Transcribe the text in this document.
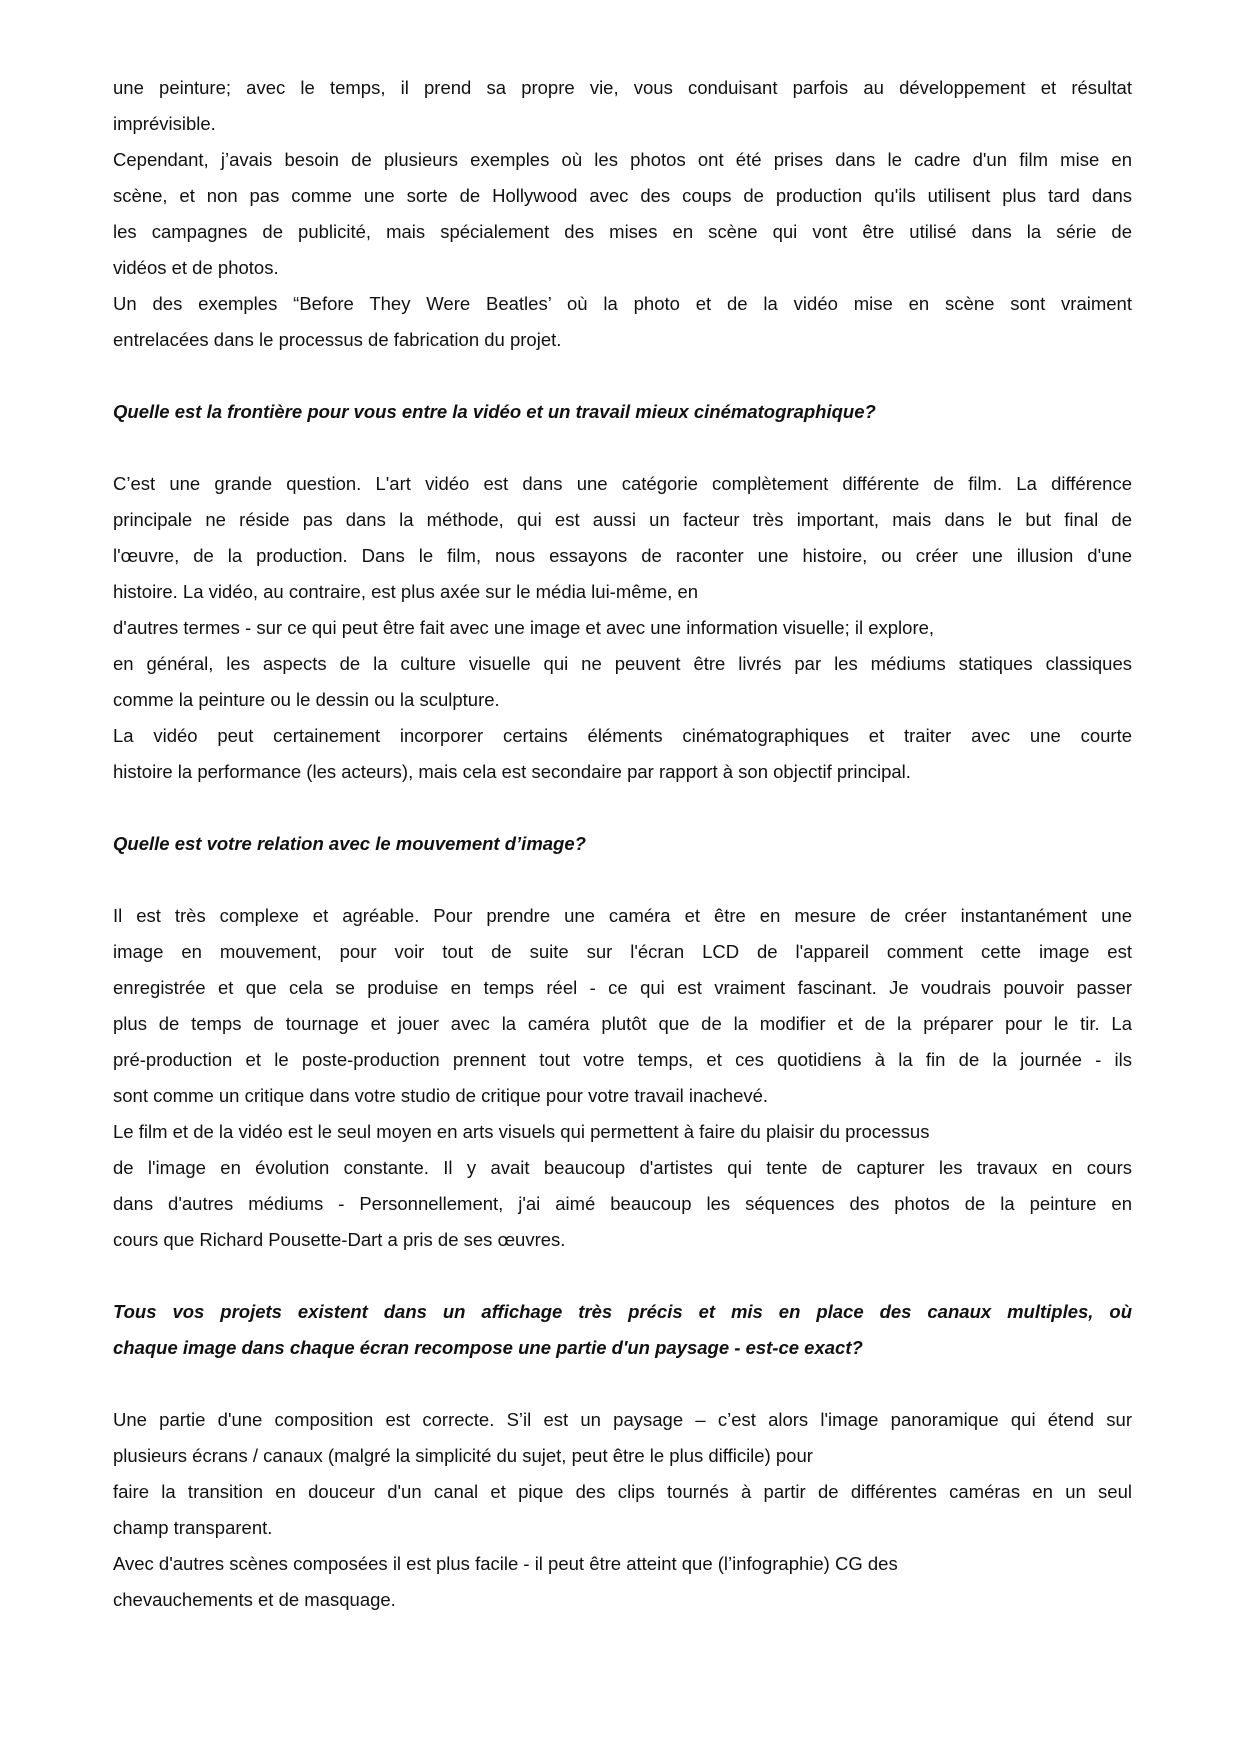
une peinture; avec le temps, il prend sa propre vie, vous conduisant parfois au développement et résultat
imprévisible.

Cependant, j’avais besoin de plusieurs exemples où les photos ont été prises dans le cadre d'un film mise en
scène, et non pas comme une sorte de Hollywood avec des coups de production qu'ils utilisent plus tard dans
les campagnes de publicité, mais spécialement des mises en scène qui vont être utilisé dans la série de
vidéos et de photos.

Un des exemples “Before They Were Beatles’ où la photo et de la vidéo mise en scène sont vraiment
entrelacées dans le processus de fabrication du projet.

Quelle est la frontière pour vous entre la vidéo et un travail mieux cinématographique?

C’est une grande question. L'art vidéo est dans une catégorie complètement différente de film. La différence
principale ne réside pas dans la méthode, qui est aussi un facteur très important, mais dans le but final de
l'œuvre, de la production. Dans le film, nous essayons de raconter une histoire, ou créer une illusion d'une
histoire. La vidéo, au contraire, est plus axée sur le média lui-même, en

d'autres termes - sur ce qui peut être fait avec une image et avec une information visuelle; il explore,

en général, les aspects de la culture visuelle qui ne peuvent être livrés par les médiums statiques classiques
comme la peinture ou le dessin ou la sculpture.

La vidéo peut certainement incorporer certains éléments cinématographiques et traiter avec une courte
histoire la performance (les acteurs), mais cela est secondaire par rapport à son objectif principal.

Quelle est votre relation avec le mouvement d’image?

Il est très complexe et agréable. Pour prendre une caméra et être en mesure de créer instantanément une
image en mouvement, pour voir tout de suite sur l'écran LCD de l'appareil comment cette image est
enregistrée et que cela se produise en temps réel - ce qui est vraiment fascinant. Je voudrais pouvoir passer
plus de temps de tournage et jouer avec la caméra plutôt que de la modifier et de la préparer pour le tir. La
pré-production et le poste-production prennent tout votre temps, et ces quotidiens à la fin de la journée - ils
sont comme un critique dans votre studio de critique pour votre travail inachevé.

Le film et de la vidéo est le seul moyen en arts visuels qui permettent à faire du plaisir du processus

de l'image en évolution constante. Il y avait beaucoup d'artistes qui tente de capturer les travaux en cours
dans d'autres médiums - Personnellement, j'ai aimé beaucoup les séquences des photos de la peinture en
cours que Richard Pousette-Dart a pris de ses œuvres.

Tous vos projets existent dans un affichage très précis et mis en place des canaux multiples, où
chaque image dans chaque écran recompose une partie d'un paysage - est-ce exact?

Une partie d'une composition est correcte. S’il est un paysage – c’est alors l'image panoramique qui étend sur
plusieurs écrans / canaux (malgré la simplicité du sujet, peut être le plus difficile) pour

faire la transition en douceur d'un canal et pique des clips tournés à partir de différentes caméras en un seul
champ transparent.

Avec d'autres scènes composées il est plus facile - il peut être atteint que (l’infographie) CG des
chevauchements et de masquage.
